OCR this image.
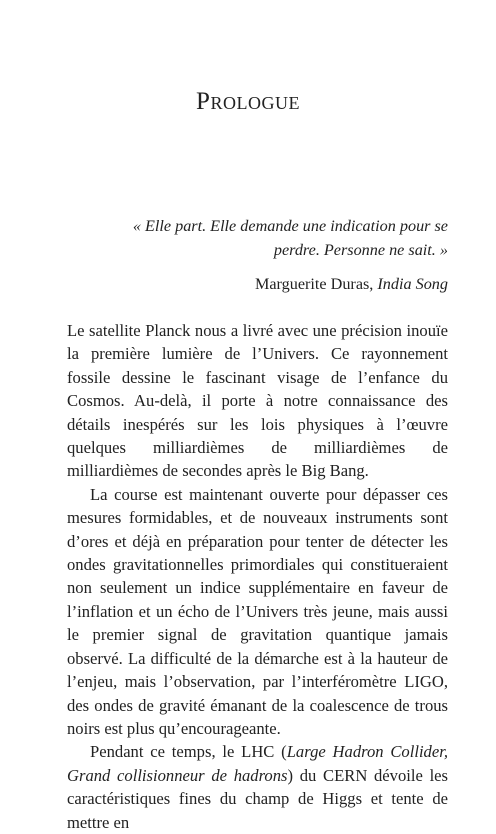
Prologue

« Elle part. Elle demande une indication pour se perdre. Personne ne sait. »

Marguerite Duras, India Song

Le satellite Planck nous a livré avec une précision inouïe la première lumière de l’Univers. Ce rayonnement fossile dessine le fascinant visage de l’enfance du Cosmos. Au-delà, il porte à notre connaissance des détails inespérés sur les lois physiques à l’œuvre quelques milliardièmes de milliardièmes de milliardièmes de secondes après le Big Bang.

La course est maintenant ouverte pour dépasser ces mesures formidables, et de nouveaux instruments sont d’ores et déjà en préparation pour tenter de détecter les ondes gravitationnelles primordiales qui constitueraient non seulement un indice supplémentaire en faveur de l’inflation et un écho de l’Univers très jeune, mais aussi le premier signal de gravitation quantique jamais observé. La difficulté de la démarche est à la hauteur de l’enjeu, mais l’observation, par l’interféromètre LIGO, des ondes de gravité émanant de la coalescence de trous noirs est plus qu’encourageante.

Pendant ce temps, le LHC (Large Hadron Collider, Grand collisionneur de hadrons) du CERN dévoile les caractéristiques fines du champ de Higgs et tente de mettre en
